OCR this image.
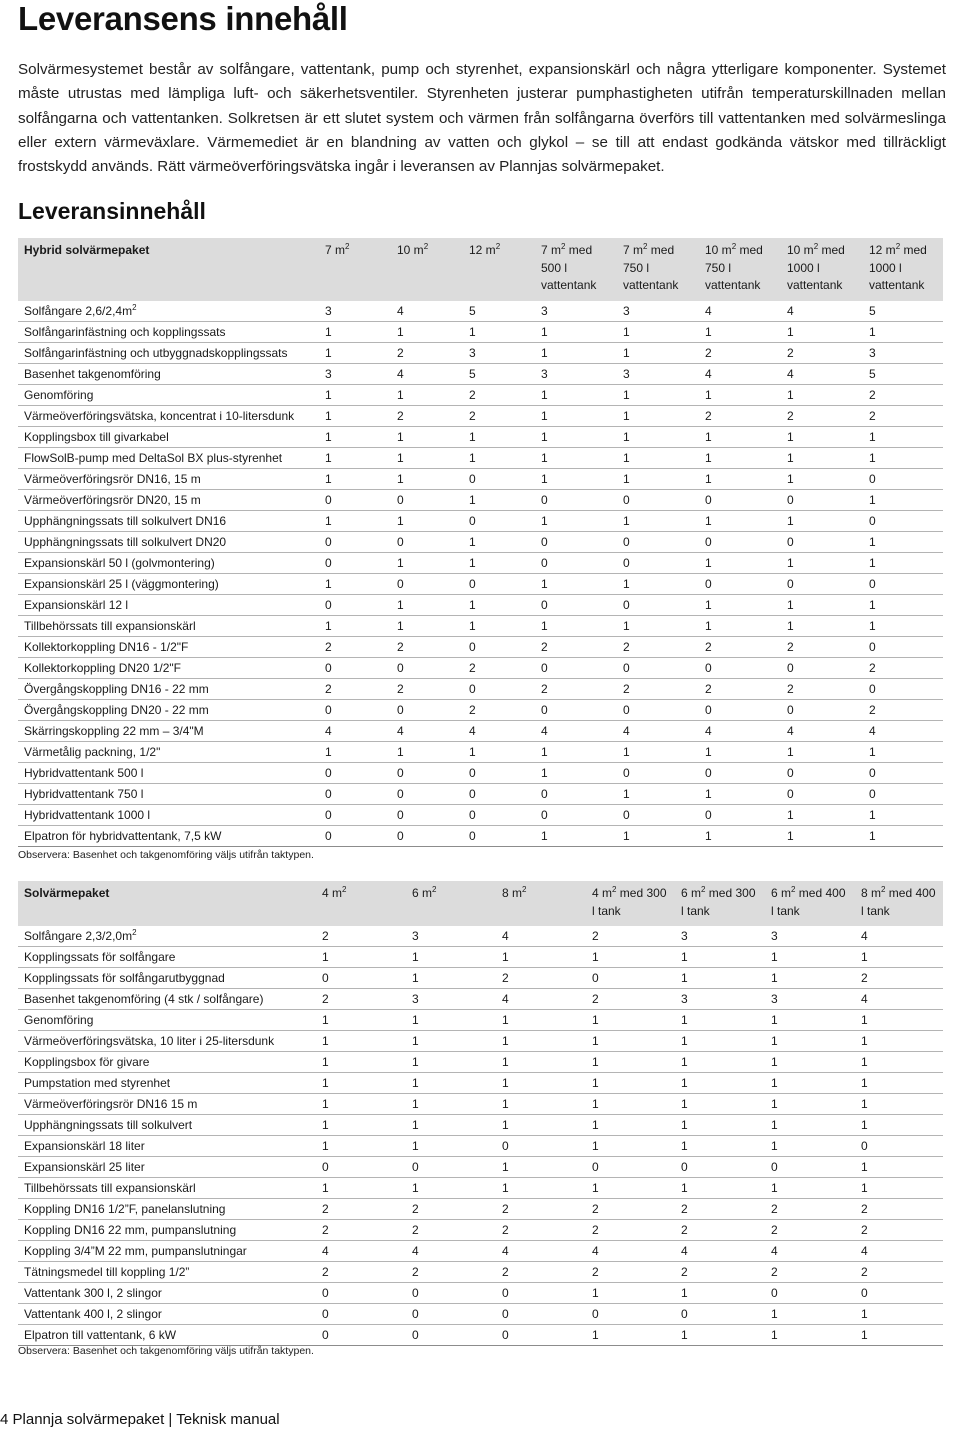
Leveransens innehåll

Solvärmesystemet består av solfångare, vattentank, pump och styrenhet, expansionskärl och några ytterligare komponenter. Systemet måste utrustas med lämpliga luft- och säkerhetsventiler. Styrenheten justerar pumphastigheten utifrån temperaturskillnaden mellan solfångarna och vattentanken. Solkretsen är ett slutet system och värmen från solfångarna överförs till vattentanken med solvärmeslinga eller extern värmeväxlare. Värmemediet är en blandning av vatten och glykol – se till att endast godkända vätskor med tillräckligt frostskydd används. Rätt värmeöverföringsvätska ingår i leveransen av Plannjas solvärmepaket.

Leveransinnehåll
Hybrid solvärmepaket	7 $m^2$	10 $m^2$	12 $m^2$	7 $m^2$ med 500 l vattentank	7 $m^2$ med 750 l vattentank	10 $m^2$ med 750 l vattentank	10 $m^2$ med 1000 l vattentank	12 $m^2$ med 1000 l vattentank
Solfångare $2,6/2,4m^2$	3	4	5	3	3	4	4	5
Solfångarinfästning och kopplingssats	1	1	1	1	1	1	1	1
Solfångarinfästning och utbyggnadskopplingssats	1	2	3	1	1	2	2	3
Basenhet takgenomföring	3	4	5	3	3	4	4	5
Genomföring	1	1	2	1	1	1	1	2
Värmeöverföringsvätska, koncentrat i 10-litersdunk	1	2	2	1	1	2	2	2
Kopplingsbox till givarkabel	1	1	1	1	1	1	1	1
FlowSolB-pump med DeltaSol BX plus-styrenhet	1	1	1	1	1	1	1	1
Värmeöverföringsrör DN16, 15 m	1	1	0	1	1	1	1	0
Värmeöverföringsrör DN20, 15 m	0	0	1	0	0	0	0	1
Upphängningssats till solkulvert DN16	1	1	0	1	1	1	1	0
Upphängningssats till solkulvert DN20	0	0	1	0	0	0	0	1
Expansionskärl 50 l (golvmontering)	0	1	1	0	0	1	1	1
Expansionskärl 25 l (väggmontering)	1	0	0	1	1	0	0	0
Expansionskärl 12 l	0	1	1	0	0	1	1	1
Tillbehörssats till expansionskärl	1	1	1	1	1	1	1	1
Kollektorkoppling DN16 - 1/2"F	2	2	0	2	2	2	2	0
Kollektorkoppling DN20 1/2"F	0	0	2	0	0	0	0	2
Övergångskoppling DN16 - 22 mm	2	2	0	2	2	2	2	0
Övergångskoppling DN20 - 22 mm	0	0	2	0	0	0	0	2
Skärringskoppling 22 mm – 3/4"M	4	4	4	4	4	4	4	4
Värmetålig packning, 1/2"	1	1	1	1	1	1	1	1
Hybridvattentank 500 l	0	0	0	1	0	0	0	0
Hybridvattentank 750 l	0	0	0	0	1	1	0	0
Hybridvattentank 1000 l	0	0	0	0	0	0	1	1
Elpatron för hybridvattentank, 7,5 kW	0	0	0	1	1	1	1	1

Observera: Basenhet och takgenomföring väljs utifrån taktypen.

Solvärmepaket	4 $m^2$	6 $m^2$	8 $m^2$	4 $m^2$ med 300 l tank	6 $m^2$ med 300 l tank	6 $m^2$ med 400 l tank	8 $m^2$ med 400 l tank
Solfångare $2,3/2,0m^2$	2	3	4	2	3	3	4
Kopplingssats för solfångare	1	1	1	1	1	1	1
Kopplingssats för solfångarutbyggnad	0	1	2	0	1	1	2
Basenhet takgenomföring (4 stk / solfångare)	2	3	4	2	3	3	4
Genomföring	1	1	1	1	1	1	1
Värmeöverföringsvätska, 10 liter i 25-litersdunk	1	1	1	1	1	1	1
Kopplingsbox för givare	1	1	1	1	1	1	1
Pumpstation med styrenhet	1	1	1	1	1	1	1
Värmeöverföringsrör DN16 15 m	1	1	1	1	1	1	1
Upphängningssats till solkulvert	1	1	1	1	1	1	1
Expansionskärl 18 liter	1	1	0	1	1	1	0
Expansionskärl 25 liter	0	0	1	0	0	0	1
Tillbehörssats till expansionskärl	1	1	1	1	1	1	1
Koppling DN16 1/2”F, panelanslutning	2	2	2	2	2	2	2
Koppling DN16 22 mm, pumpanslutning	2	2	2	2	2	2	2
Koppling 3/4”M 22 mm, pumpanslutningar	4	4	4	4	4	4	4
Tätningsmedel till koppling 1/2”	2	2	2	2	2	2	2
Vattentank 300 l, 2 slingor	0	0	0	1	1	0	0
Vattentank 400 l, 2 slingor	0	0	0	0	0	1	1
Elpatron till vattentank, 6 kW	0	0	0	1	1	1	1

Observera: Basenhet och takgenomföring väljs utifrån taktypen.

4 Plannja solvärmepaket | Teknisk manual
